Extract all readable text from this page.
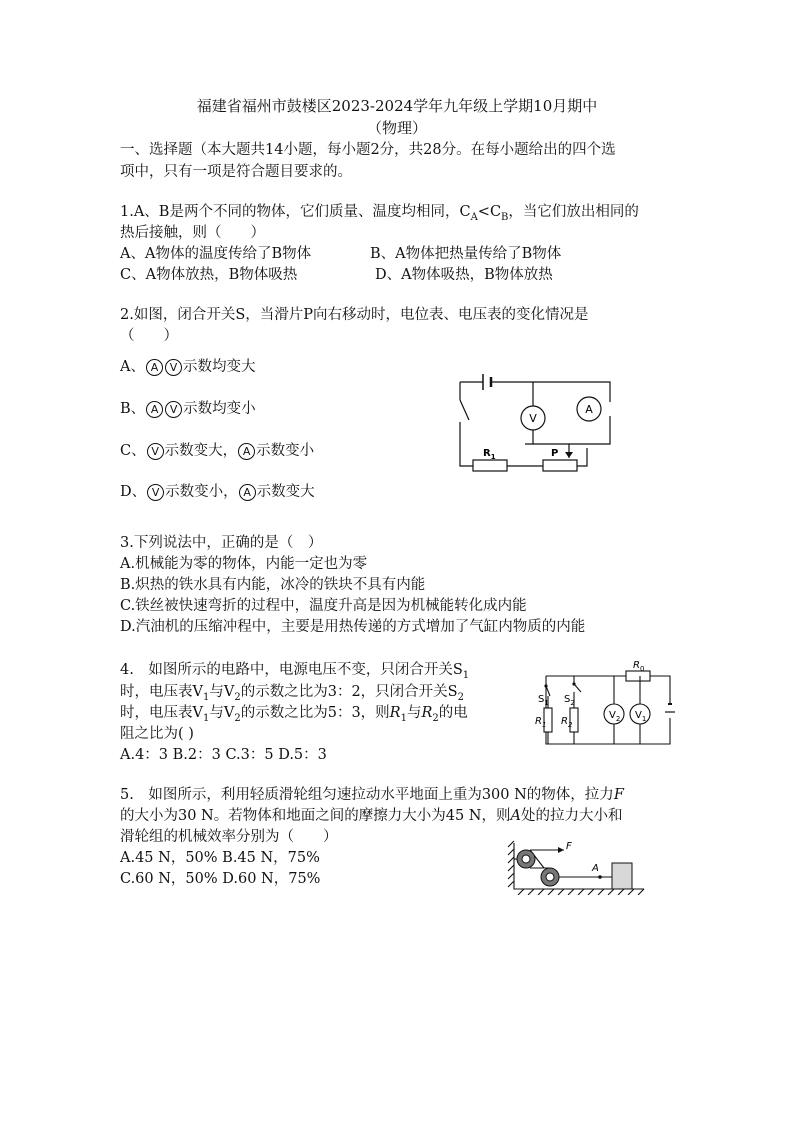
福建省福州市鼓楼区2023-2024学年九年级上学期10月期中
（物理）
一、选择题（本大题共14小题，每小题2分，共28分。在每小题给出的四个选
项中，只有一项是符合题目要求的。
1.A、B是两个不同的物体，它们质量、温度均相同，$C_A<C_B$，当它们放出相同的
热后接触，则（　　）
A、A物体的温度传给了B物体	B、A物体把热量传给了B物体
C、A物体放热，B物体吸热	D、A物体吸热，B物体放热
2.如图，闭合开关S，当滑片P向右移动时，电位表、电压表的变化情况是
（　　）
A、 A V 示数均变大
B、 A V 示数均变小
C、 V 示数变大， A 示数变小
D、 V 示数变小， A 示数变大
V
A
$R_1$	P
3.下列说法中，正确的是（　）
A.机械能为零的物体，内能一定也为零
B.炽热的铁水具有内能，冰冷的铁块不具有内能
C.铁丝被快速弯折的过程中，温度升高是因为机械能转化成内能
D.汽油机的压缩冲程中，主要是用热传递的方式增加了气缸内物质的内能
4.　如图所示的电路中，电源电压不变，只闭合开关$S_1$
时，电压表$V_1$与$V_2$的示数之比为3：2，只闭合开关$S_2$
时，电压表$V_1$与$V_2$的示数之比为5：3，则$R_1$与$R_2$的电
阻之比为( )
A.4：3 B.2：3 C.3：5 D.5：3
$R_0$
$S_1$ $S_2$
$R_1$ $R_2$
$V_2$ $V_1$
5.　如图所示，利用轻质滑轮组匀速拉动水平地面上重为300 N的物体，拉力F
的大小为30 N。若物体和地面之间的摩擦力大小为45 N，则A处的拉力大小和
滑轮组的机械效率分别为（　　）
A.45 N，50% B.45 N，75%
C.60 N，50% D.60 N，75%
F
A
